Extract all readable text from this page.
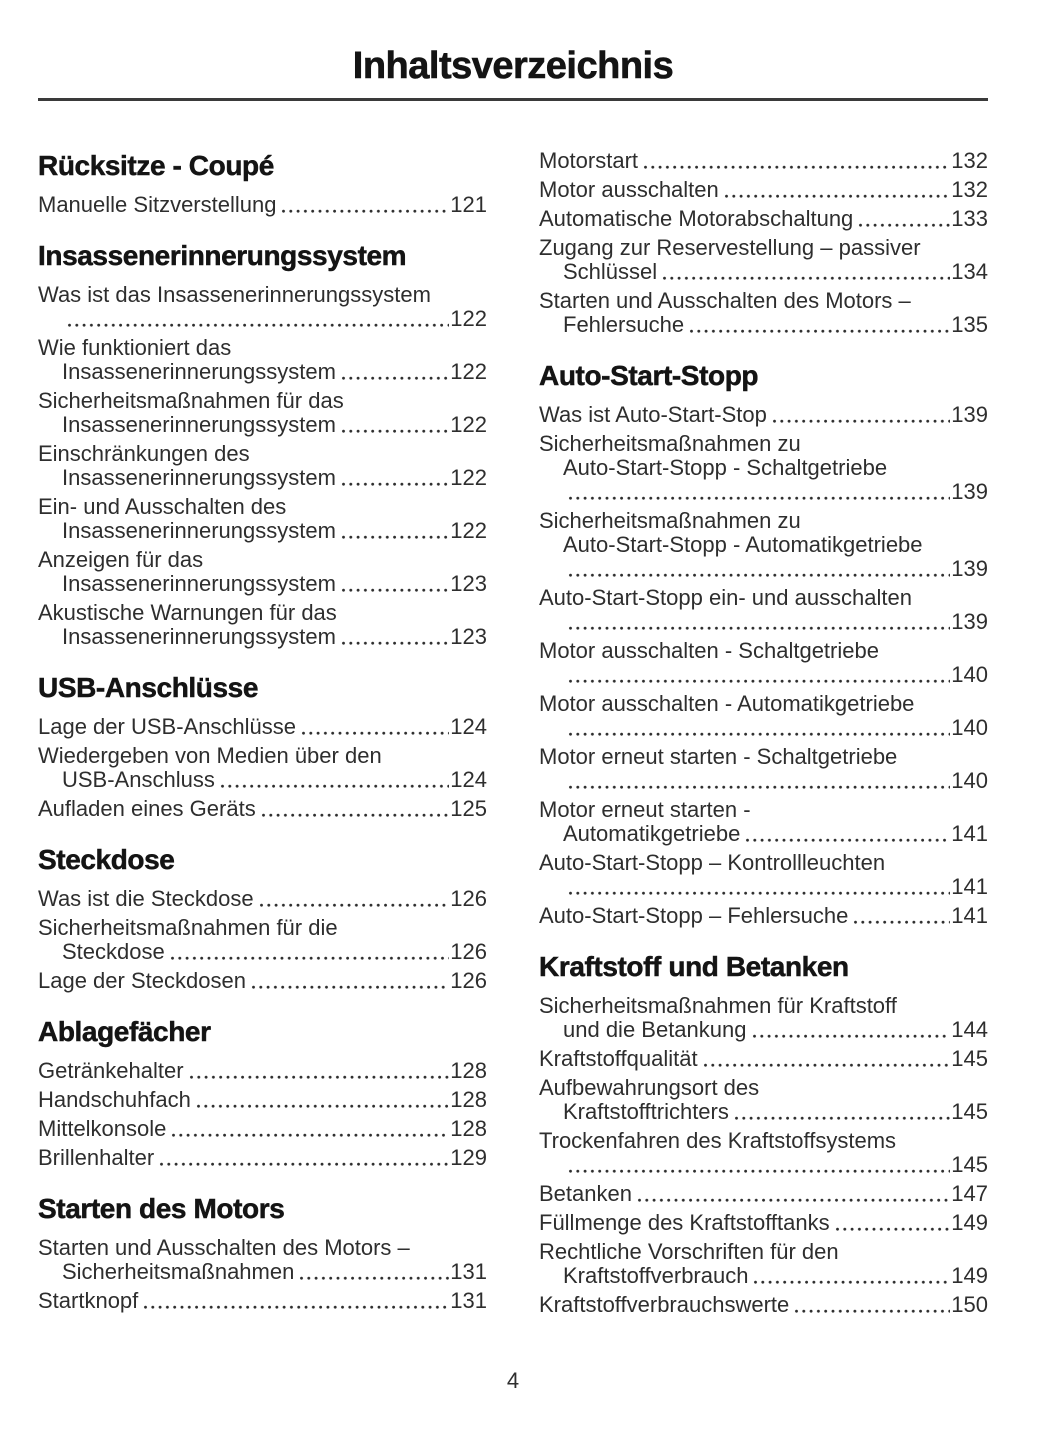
Inhaltsverzeichnis
Rücksitze - Coupé
Manuelle Sitzverstellung	121
Insassenerinnerungssystem
Was ist das Insassenerinnerungssystem
122
Wie funktioniert das
Insassenerinnerungssystem	122
Sicherheitsmaßnahmen für das
Insassenerinnerungssystem	122
Einschränkungen des
Insassenerinnerungssystem	122
Ein- und Ausschalten des
Insassenerinnerungssystem	122
Anzeigen für das
Insassenerinnerungssystem	123
Akustische Warnungen für das
Insassenerinnerungssystem	123
USB-Anschlüsse
Lage der USB-Anschlüsse	124
Wiedergeben von Medien über den
USB-Anschluss	124
Aufladen eines Geräts	125
Steckdose
Was ist die Steckdose	126
Sicherheitsmaßnahmen für die
Steckdose	126
Lage der Steckdosen	126
Ablagefächer
Getränkehalter	128
Handschuhfach	128
Mittelkonsole	128
Brillenhalter	129
Starten des Motors
Starten und Ausschalten des Motors –
Sicherheitsmaßnahmen	131
Startknopf	131
Motorstart	132
Motor ausschalten	132
Automatische Motorabschaltung	133
Zugang zur Reservestellung – passiver
Schlüssel	134
Starten und Ausschalten des Motors –
Fehlersuche	135
Auto-Start-Stopp
Was ist Auto-Start-Stop	139
Sicherheitsmaßnahmen zu
Auto-Start-Stopp - Schaltgetriebe
139
Sicherheitsmaßnahmen zu
Auto-Start-Stopp - Automatikgetriebe
139
Auto-Start-Stopp ein- und ausschalten
139
Motor ausschalten - Schaltgetriebe
140
Motor ausschalten - Automatikgetriebe
140
Motor erneut starten - Schaltgetriebe
140
Motor erneut starten -
Automatikgetriebe	141
Auto-Start-Stopp – Kontrollleuchten
141
Auto-Start-Stopp – Fehlersuche	141
Kraftstoff und Betanken
Sicherheitsmaßnahmen für Kraftstoff
und die Betankung	144
Kraftstoffqualität	145
Aufbewahrungsort des
Kraftstofftrichters	145
Trockenfahren des Kraftstoffsystems
145
Betanken	147
Füllmenge des Kraftstofftanks	149
Rechtliche Vorschriften für den
Kraftstoffverbrauch	149
Kraftstoffverbrauchswerte	150
4
